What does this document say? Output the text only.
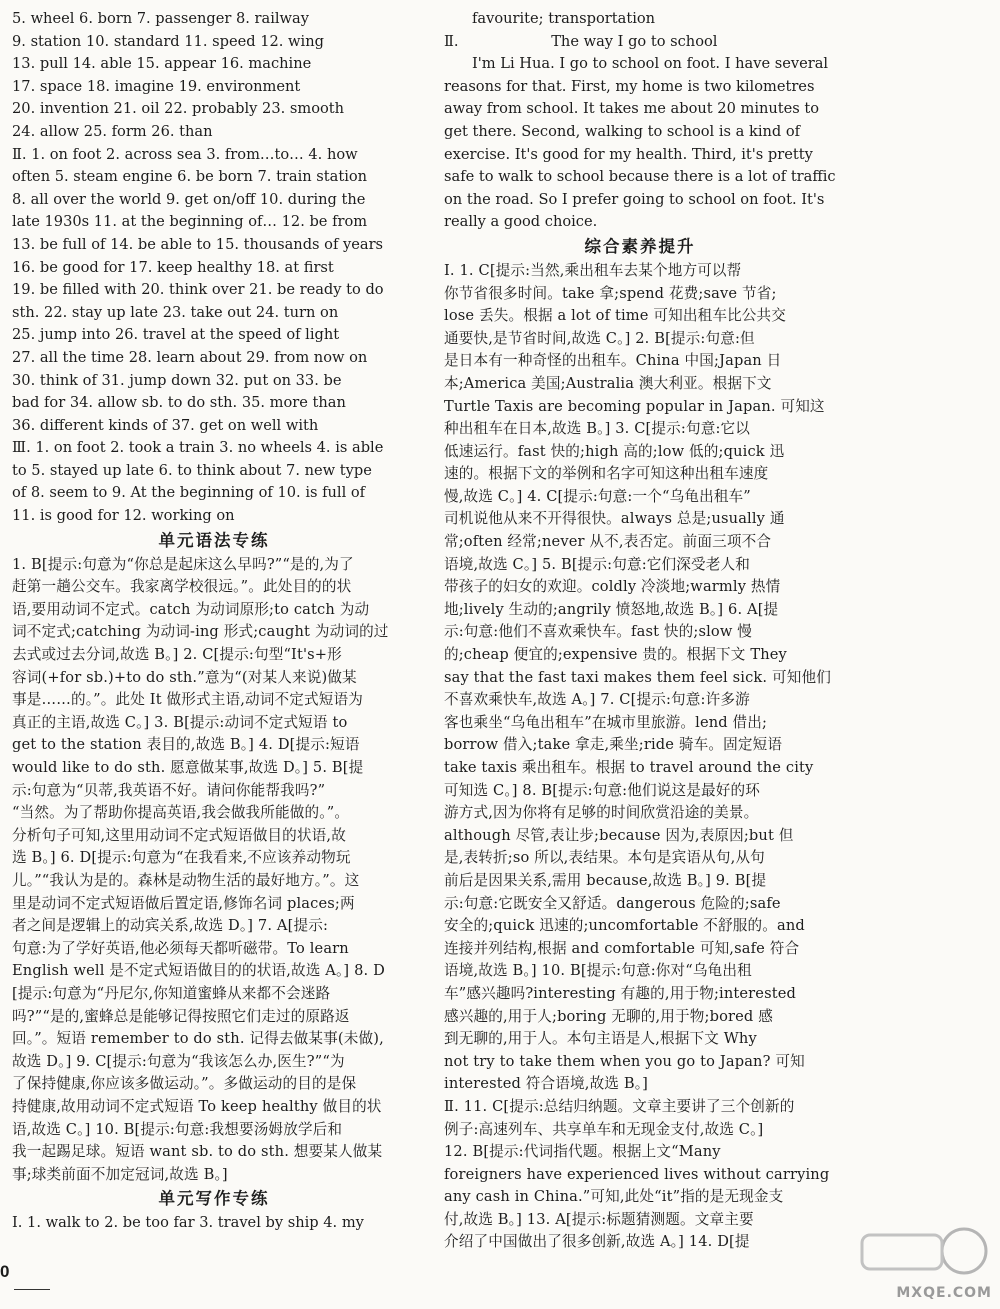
5. wheel 6. born 7. passenger 8. railway
9. station 10. standard 11. speed 12. wing
13. pull 14. able 15. appear 16. machine
17. space 18. imagine 19. environment
20. invention 21. oil 22. probably 23. smooth
24. allow 25. form 26. than
Ⅱ. 1. on foot 2. across sea 3. from…to… 4. how
often 5. steam engine 6. be born 7. train station
8. all over the world 9. get on/off 10. during the
late 1930s 11. at the beginning of… 12. be from
13. be full of 14. be able to 15. thousands of years
16. be good for 17. keep healthy 18. at first
19. be filled with 20. think over 21. be ready to do
sth. 22. stay up late 23. take out 24. turn on
25. jump into 26. travel at the speed of light
27. all the time 28. learn about 29. from now on
30. think of 31. jump down 32. put on 33. be
bad for 34. allow sb. to do sth. 35. more than
36. different kinds of 37. get on well with
Ⅲ. 1. on foot 2. took a train 3. no wheels 4. is able
to 5. stayed up late 6. to think about 7. new type
of 8. seem to 9. At the beginning of 10. is full of
11. is good for 12. working on
单元语法专练
1. B[提示:句意为“你总是起床这么早吗?”“是的,为了
赶第一趟公交车。我家离学校很远。”。此处目的的状
语,要用动词不定式。catch 为动词原形;to catch 为动
词不定式;catching 为动词-ing 形式;caught 为动词的过
去式或过去分词,故选 B。] 2. C[提示:句型“It's+形
容词(+for sb.)+to do sth.”意为“(对某人来说)做某
事是……的。”。此处 It 做形式主语,动词不定式短语为
真正的主语,故选 C。] 3. B[提示:动词不定式短语 to
get to the station 表目的,故选 B。] 4. D[提示:短语
would like to do sth. 愿意做某事,故选 D。] 5. B[提
示:句意为“贝蒂,我英语不好。请问你能帮我吗?”
“当然。为了帮助你提高英语,我会做我所能做的。”。
分析句子可知,这里用动词不定式短语做目的状语,故
选 B。] 6. D[提示:句意为“在我看来,不应该养动物玩
儿。”“我认为是的。森林是动物生活的最好地方。”。这
里是动词不定式短语做后置定语,修饰名词 places;两
者之间是逻辑上的动宾关系,故选 D。] 7. A[提示:
句意:为了学好英语,他必须每天都听磁带。To learn
English well 是不定式短语做目的的状语,故选 A。] 8. D
[提示:句意为“丹尼尔,你知道蜜蜂从来都不会迷路
吗?”“是的,蜜蜂总是能够记得按照它们走过的原路返
回。”。短语 remember to do sth. 记得去做某事(未做),
故选 D。] 9. C[提示:句意为“我该怎么办,医生?”“为
了保持健康,你应该多做运动。”。多做运动的目的是保
持健康,故用动词不定式短语 To keep healthy 做目的状
语,故选 C。] 10. B[提示:句意:我想要汤姆放学后和
我一起踢足球。短语 want sb. to do sth. 想要某人做某
事;球类前面不加定冠词,故选 B。]
单元写作专练
Ⅰ. 1. walk to 2. be too far 3. travel by ship 4. my
favourite; transportation
Ⅱ.	The way I go to school
I'm Li Hua. I go to school on foot. I have several
reasons for that. First, my home is two kilometres
away from school. It takes me about 20 minutes to
get there. Second, walking to school is a kind of
exercise. It's good for my health. Third, it's pretty
safe to walk to school because there is a lot of traffic
on the road. So I prefer going to school on foot. It's
really a good choice.
综合素养提升
Ⅰ. 1. C[提示:当然,乘出租车去某个地方可以帮
你节省很多时间。take 拿;spend 花费;save 节省;
lose 丢失。根据 a lot of time 可知出租车比公共交
通要快,是节省时间,故选 C。] 2. B[提示:句意:但
是日本有一种奇怪的出租车。China 中国;Japan 日
本;America 美国;Australia 澳大利亚。根据下文
Turtle Taxis are becoming popular in Japan. 可知这
种出租车在日本,故选 B。] 3. C[提示:句意:它以
低速运行。fast 快的;high 高的;low 低的;quick 迅
速的。根据下文的举例和名字可知这种出租车速度
慢,故选 C。] 4. C[提示:句意:一个“乌龟出租车”
司机说他从来不开得很快。always 总是;usually 通
常;often 经常;never 从不,表否定。前面三项不合
语境,故选 C。] 5. B[提示:句意:它们深受老人和
带孩子的妇女的欢迎。coldly 冷淡地;warmly 热情
地;lively 生动的;angrily 愤怒地,故选 B。] 6. A[提
示:句意:他们不喜欢乘快车。fast 快的;slow 慢
的;cheap 便宜的;expensive 贵的。根据下文 They
say that the fast taxi makes them feel sick. 可知他们
不喜欢乘快车,故选 A。] 7. C[提示:句意:许多游
客也乘坐“乌龟出租车”在城市里旅游。lend 借出;
borrow 借入;take 拿走,乘坐;ride 骑车。固定短语
take taxis 乘出租车。根据 to travel around the city
可知选 C。] 8. B[提示:句意:他们说这是最好的环
游方式,因为你将有足够的时间欣赏沿途的美景。
although 尽管,表让步;because 因为,表原因;but 但
是,表转折;so 所以,表结果。本句是宾语从句,从句
前后是因果关系,需用 because,故选 B。] 9. B[提
示:句意:它既安全又舒适。dangerous 危险的;safe
安全的;quick 迅速的;uncomfortable 不舒服的。and
连接并列结构,根据 and comfortable 可知,safe 符合
语境,故选 B。] 10. B[提示:句意:你对“乌龟出租
车”感兴趣吗?interesting 有趣的,用于物;interested
感兴趣的,用于人;boring 无聊的,用于物;bored 感
到无聊的,用于人。本句主语是人,根据下文 Why
not try to take them when you go to Japan? 可知
interested 符合语境,故选 B。]
Ⅱ. 11. C[提示:总结归纳题。文章主要讲了三个创新的
例子:高速列车、共享单车和无现金支付,故选 C。]
12. B[提示:代词指代题。根据上文“Many
foreigners have experienced lives without carrying
any cash in China.”可知,此处“it”指的是无现金支
付,故选 B。] 13. A[提示:标题猜测题。文章主要
介绍了中国做出了很多创新,故选 A。] 14. D[提
0
MXQE.COM
